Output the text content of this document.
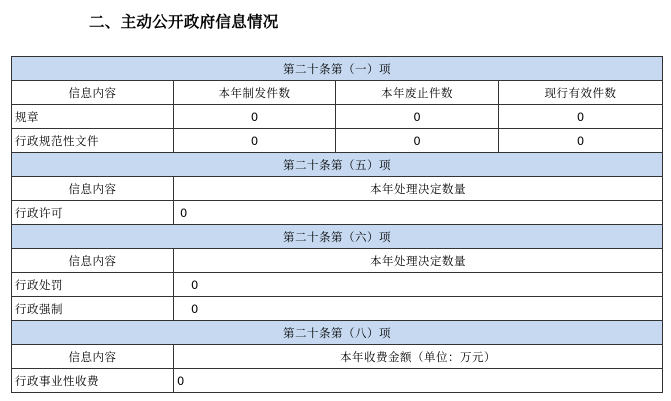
二、主动公开政府信息情况
第二十条第（一）项			
信息内容	本年制发件数	本年废止件数	现行有效件数
规章	0	0	0
行政规范性文件	0	0	0
第二十条第（五）项			
信息内容	本年处理决定数量		
行政许可	0		
第二十条第（六）项			
信息内容	本年处理决定数量		
行政处罚	0		
行政强制	0		
第二十条第（八）项			
信息内容	本年收费金额（单位：万元）		
行政事业性收费	0		
